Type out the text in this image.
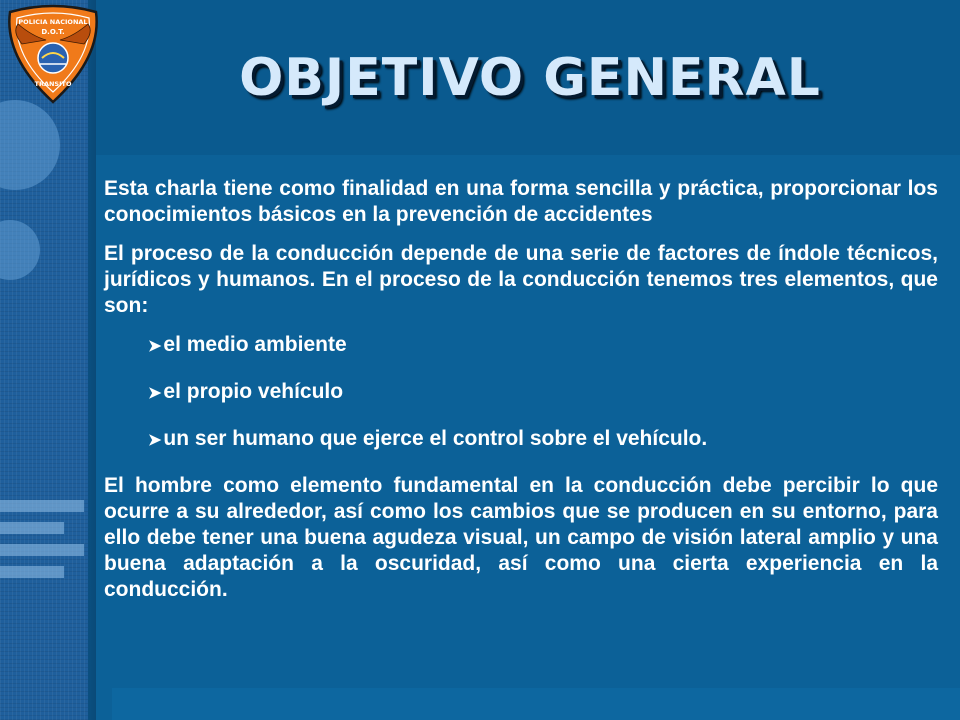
POLICIA NACIONAL
D.O.T.
TRANSITO	OBJETIVO GENERAL

Esta charla tiene como finalidad en una forma sencilla y práctica, proporcionar los conocimientos básicos en la prevención de accidentes

El proceso de la conducción depende de una serie de factores de índole técnicos, jurídicos y humanos. En el proceso de la conducción tenemos tres elementos, que son:

➤el medio ambiente
➤el propio vehículo
➤un ser humano que ejerce el control sobre el vehículo.

El hombre como elemento fundamental en la conducción debe percibir lo que ocurre a su alrededor, así como los cambios que se producen en su entorno, para ello debe tener una buena agudeza visual, un campo de visión lateral amplio y una buena adaptación a la oscuridad, así como una cierta experiencia en la conducción.
